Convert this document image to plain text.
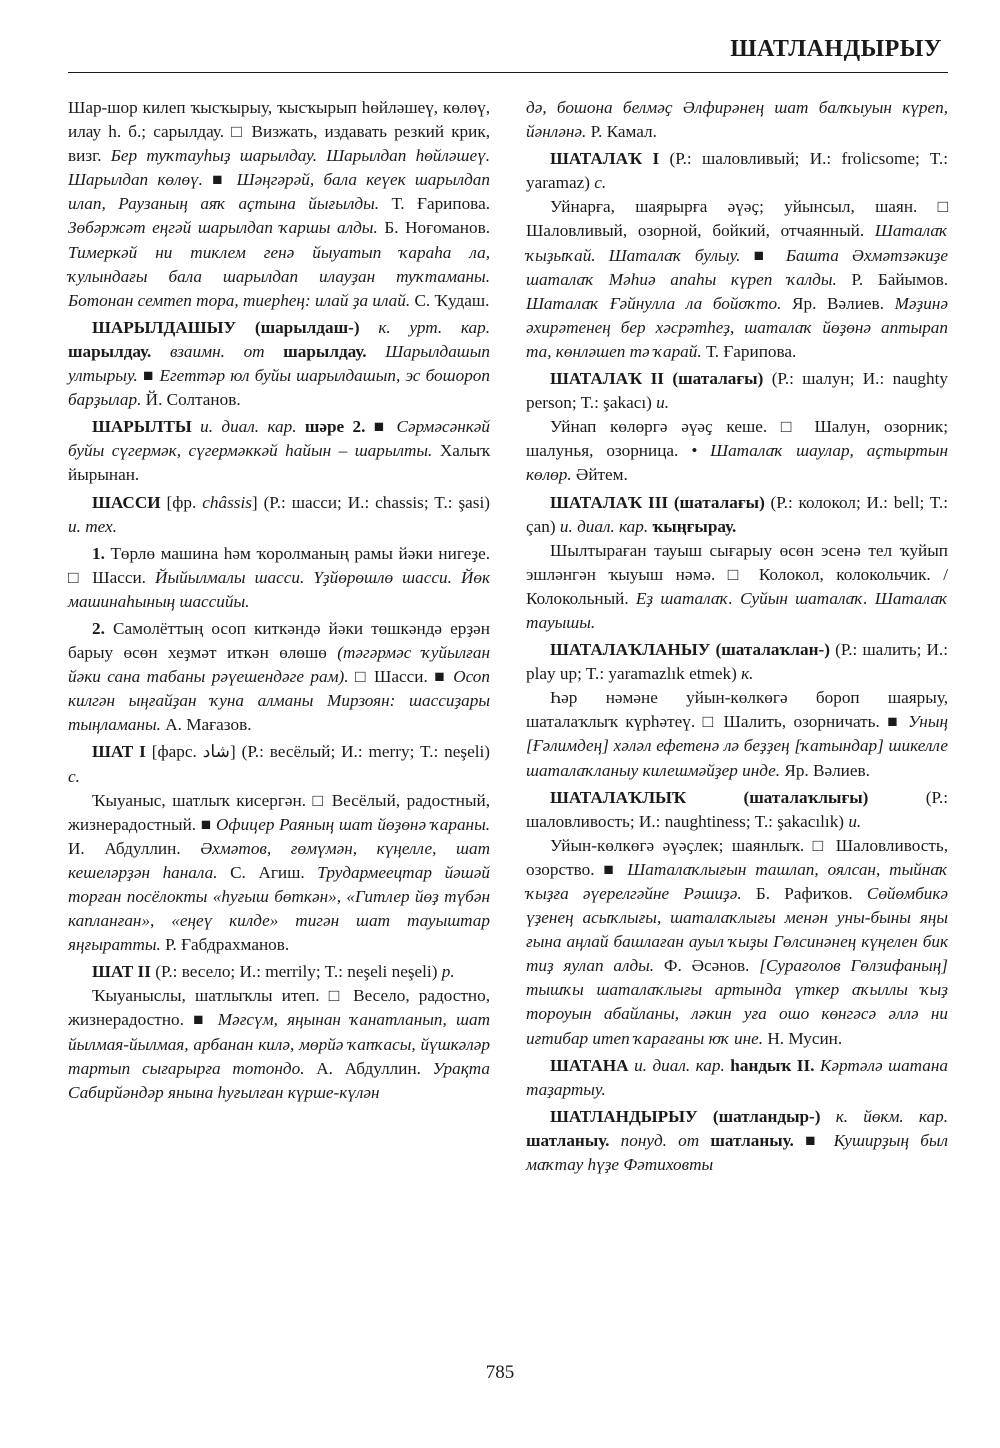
ШАТЛАНДЫРЫУ

Шар-шор килеп ҡысҡырыу, ҡысҡырып һөйләшеү, көлөү, илау һ. б.; сарылдау. □ Визжать, издавать резкий крик, визг. Бер туҡтауһыҙ шарылдау. Шарылдап һөйләшеү. Шарылдап көлөү. ■ Шәңгәрәй, бала кеүек шарылдап илап, Раузаның аяҡ аҫтына йығылды. Т. Ғарипова. Зөбәржәт еңгәй шарылдап ҡаршы алды. Б. Ноғоманов. Тимеркәй ни тиклем генә йыуатып ҡараһа ла, ҡулындағы бала шарылдап илауҙан туҡтаманы. Ботонан семтеп тора, тиерһең: илай ҙа илай. С. Ҡудаш.

ШАРЫЛДАШЫУ (шарылдаш-) к. урт. кар. шарылдау. взаимн. от шарылдау. Шарылдашып ултырыу. ■ Егеттәр юл буйы шарылдашып, эс бошороп барҙылар. Й. Солтанов.

ШАРЫЛТЫ и. диал. кар. шәре 2. ■ Сәрмәсәнкәй буйы сүгермәк, сүгермәккәй һайын – шарылты. Халыҡ йырынан.

ШАССИ [фр. châssis] (Р.: шасси; И.: chassis; T.: şasi) и. тех.

1. Төрлө машина һәм ҡоролманың рамы йәки нигеҙе. □ Шасси. Йыйылмалы шасси. Үҙйөрөшлө шасси. Йөк машинаһының шассийы.

2. Самолёттың осоп киткәндә йәки төшкәндә ерҙән барыу өсөн хеҙмәт иткән өлөшө (тәгәрмәс ҡуйылған йәки сана табаны рәүешендәге рам). □ Шасси. ■ Осоп килгән ыңғайҙан ҡуна алманы Мирзоян: шассиҙары тыңламаны. А. Мағазов.

ШАТ I [фарс. شاد] (Р.: весёлый; И.: merry; T.: neşeli) с.

Ҡыуаныс, шатлыҡ кисергән. □ Весёлый, радостный, жизнерадостный. ■ Офицер Раяның шат йөҙөнә ҡараны. И. Абдуллин. Әхмәтов, ғөмүмән, күңелле, шат кешеләрҙән һанала. С. Агиш. Трудармеецтар йәшәй торған посёлокты «һуғыш бөткән», «Гитлер йөҙ түбән капланған», «еңеү килде» тигән шат тауыштар яңғыратты. Р. Ғабдрахманов.

ШАТ II (Р.: весело; И.: merrily; T.: neşeli neşeli) р.

Ҡыуаныслы, шатлыҡлы итеп. □ Весело, радостно, жизнерадостно. ■ Мәғсүм, яңынан ҡанатланып, шат йылмая-йылмая, арбанан килә, мөрйә ҡапҡасы, йүшкәләр тартып сығарырға тотондо. А. Абдуллин. Урақта Сабирйәндәр янына һуғылған күрше-күлән

дә, бошона белмәҫ Әлфирәнең шат балҡыуын күреп, йәнләнә. Р. Камал.

ШАТАЛАҠ I (Р.: шаловливый; И.: frolicsome; T.: yaramaz) с.

Уйнарға, шаярырға әүәҫ; уйынсыл, шаян. □ Шаловливый, озорной, бойкий, отчаянный. Шаталаҡ ҡыҙыҡай. Шаталаҡ булыу. ■ Башта Әхмәтзәкиҙе шаталаҡ Мәһиә апаһы күреп ҡалды. Р. Байымов. Шаталаҡ Ғәйнулла ла бойоҡто. Яр. Вәлиев. Мәҙинә әхирәтенең бер хәсрәтһеҙ, шаталаҡ йөҙөнә аптырап та, көнләшеп тә ҡарай. Т. Ғарипова.

ШАТАЛАҠ II (шаталағы) (Р.: шалун; И.: naughty person; T.: şakacı) и.

Уйнап көлөргә әүәҫ кеше. □ Шалун, озорник; шалунья, озорница. • Шаталаҡ шаулар, аҫтыртын көлөр. Әйтем.

ШАТАЛАҠ III (шаталағы) (Р.: колокол; И.: bell; T.: çan) и. диал. кар. ҡыңғырау.

Шылтыраған тауыш сығарыу өсөн эсенә тел ҡуйып эшләнгән ҡыуыш нәмә. □ Колокол, колокольчик. / Колокольный. Еҙ шаталаҡ. Суйын шаталаҡ. Шаталаҡ тауышы.

ШАТАЛАҠЛАНЫУ (шаталаҡлан-) (Р.: шалить; И.: play up; T.: yaramazlık etmek) к.

Һәр нәмәне уйын-көлкөгә бороп шаярыу, шаталаҡлыҡ күрһәтеү. □ Шалить, озорничать. ■ Уның [Ғәлимдең] хәләл ефетенә лә беҙҙең [ҡатындар] шикелле шаталаҡланыу килешмәйҙер инде. Яр. Вәлиев.

ШАТАЛАҠЛЫҠ (шаталаҡлығы) (Р.: шаловливость; И.: naughtiness; T.: şakacılık) и.

Уйын-көлкөгә әүәҫлек; шаянлыҡ. □ Шаловливость, озорство. ■ Шаталаҡлығын ташлап, оялсан, тыйнаҡ ҡыҙға әүерелгәйне Рәшиҙә. Б. Рафиҡов. Сөйөмбикә үҙенең асыҡлығы, шаталаҡлығы менән уны-быны яңы ғына аңлай башлаған ауыл ҡыҙы Гөлсинәнең күңелен бик тиҙ яулап алды. Ф. Әсәнов. [Сурағолов Гөлзифаның] тышҡы шаталаҡлығы артында үткер аҡыллы ҡыҙ тороуын абайланы, ләкин уға ошо көнгәсә әллә ни иғтибар итеп ҡарағаны юҡ ине. Н. Мусин.

ШАТАНА и. диал. кар. һандыҡ II. Кәртәлә шатана таҙартыу.

ШАТЛАНДЫРЫУ (шатландыр-) к. йөкм. кар. шатланыу. понуд. от шатланыу. ■ Куширҙың был маҡтау һүҙе Фәтиховты

785
